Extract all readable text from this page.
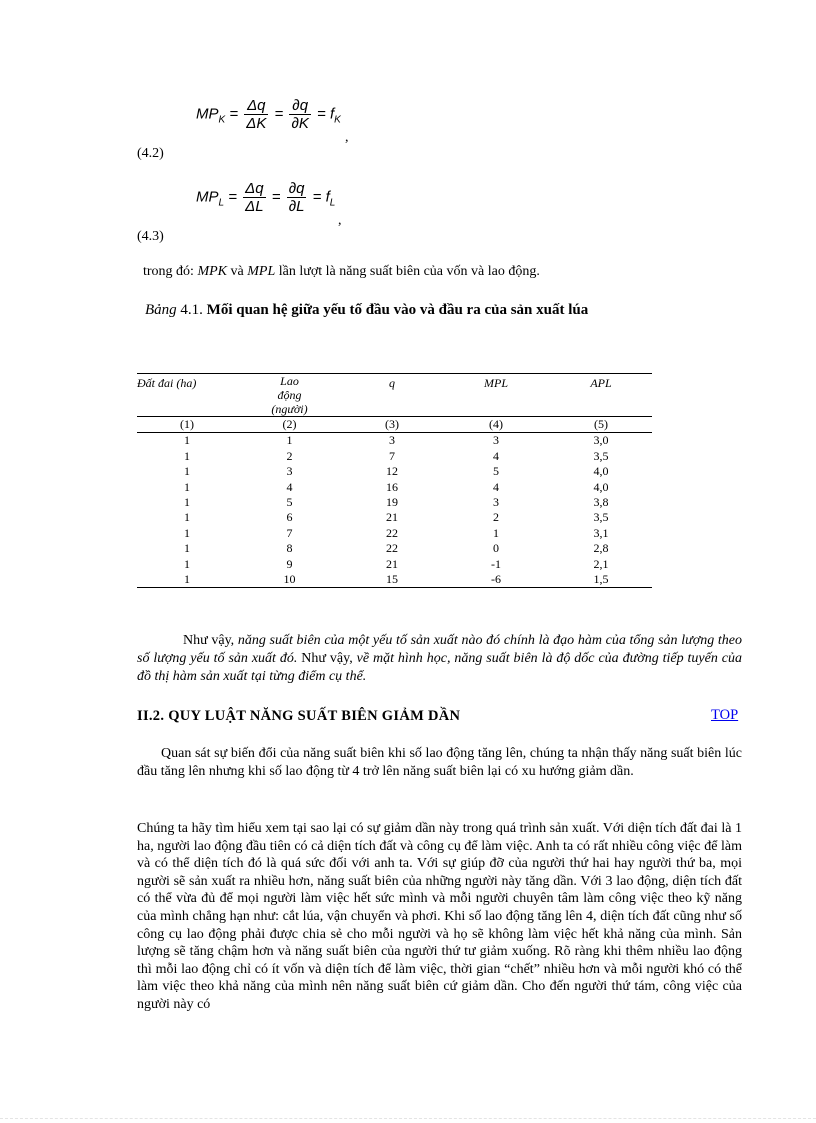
$MP_K = \frac{\Delta q}{\Delta K} = \frac{\partial q}{\partial K} = f_K$
,
(4.2)
$MP_L = \frac{\Delta q}{\Delta L} = \frac{\partial q}{\partial L} = f_L$
,
(4.3)
trong đó: MPK và MPL lần lượt là năng suất biên của vốn và lao động.
Bảng 4.1. Mối quan hệ giữa yếu tố đầu vào và đầu ra của sản xuất lúa
Đất đai (ha)	Lao động (người)	q	MPL	APL
(1)	(2)	(3)	(4)	(5)
1	1	3	3	3,0
1	2	7	4	3,5
1	3	12	5	4,0
1	4	16	4	4,0
1	5	19	3	3,8
1	6	21	2	3,5
1	7	22	1	3,1
1	8	22	0	2,8
1	9	21	-1	2,1
1	10	15	-6	1,5
Như vậy, năng suất biên của một yếu tố sản xuất nào đó chính là đạo hàm của tổng sản lượng theo số lượng yếu tố sản xuất đó. Như vậy, về mặt hình học, năng suất biên là độ dốc của đường tiếp tuyến của đồ thị hàm sản xuất tại từng điểm cụ thể.
II.2. QUY LUẬT NĂNG SUẤT BIÊN GIẢM DẦN	TOP
Quan sát sự biến đổi của năng suất biên khi số lao động tăng lên, chúng ta nhận thấy năng suất biên lúc đầu tăng lên nhưng khi số lao động từ 4 trở lên năng suất biên lại có xu hướng giảm dần.
Chúng ta hãy tìm hiểu xem tại sao lại có sự giảm dần này trong quá trình sản xuất. Với diện tích đất đai là 1 ha, người lao động đầu tiên có cả diện tích đất và công cụ để làm việc. Anh ta có rất nhiều công việc để làm và có thể diện tích đó là quá sức đối với anh ta. Với sự giúp đỡ của người thứ hai hay người thứ ba, mọi người sẽ sản xuất ra nhiều hơn, năng suất biên của những người này tăng dần. Với 3 lao động, diện tích đất có thể vừa đủ để mọi người làm việc hết sức mình và mỗi người chuyên tâm làm công việc theo kỹ năng của mình chẳng hạn như: cắt lúa, vận chuyển và phơi. Khi số lao động tăng lên 4, diện tích đất cũng như số công cụ lao động phải được chia sẻ cho mỗi người và họ sẽ không làm việc hết khả năng của mình. Sản lượng sẽ tăng chậm hơn và năng suất biên của người thứ tư giảm xuống. Rõ ràng khi thêm nhiều lao động thì mỗi lao động chỉ có ít vốn và diện tích để làm việc, thời gian “chết” nhiều hơn và mỗi người khó có thể làm việc theo khả năng của mình nên năng suất biên cứ giảm dần. Cho đến người thứ tám, công việc của người này có
